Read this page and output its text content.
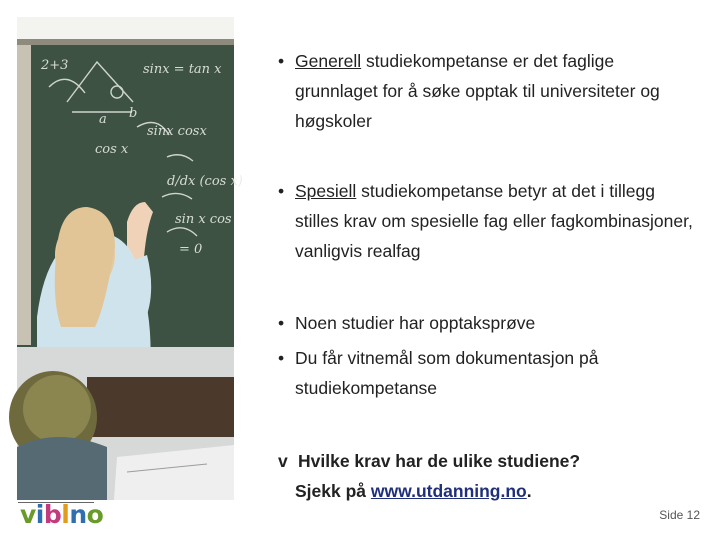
2+3	sinx = tan x
sinx cosx
cos x
d/dx (cos x)
sin x cos
= 0
a b
• Generell studiekompetanse er det faglige grunnlaget for å søke opptak til universiteter og høgskoler
• Spesiell studiekompetanse betyr at det i tillegg stilles krav om spesielle fag eller fagkombinasjoner, vanligvis realfag
• Noen studier har opptaksprøve
• Du får vitnemål som dokumentasjon på studiekompetanse
v Hvilke krav har de ulike studiene?
Sjekk på www.utdanning.no.
viblno	Side 12
